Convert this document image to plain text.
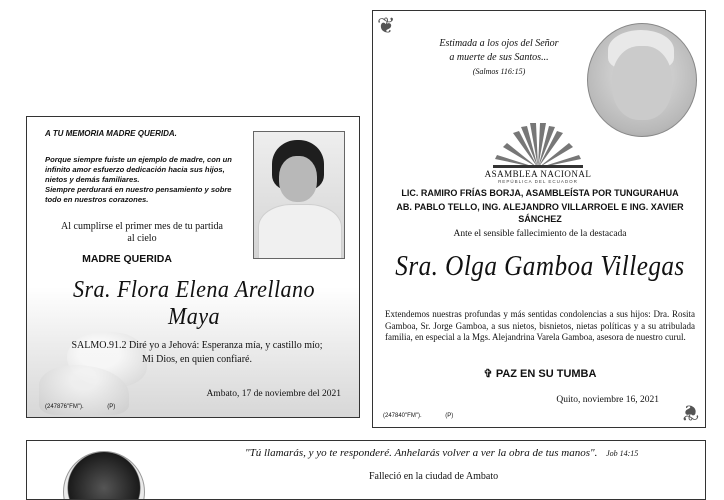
A TU MEMORIA MADRE QUERIDA.
Porque siempre fuiste un ejemplo de madre, con un
infinito amor esfuerzo dedicación hacia sus hijos,
nietos y demás familiares.
Siempre perdurará en nuestro pensamiento y sobre
todo en nuestros corazones.
Al cumplirse el primer mes de tu partida
al cielo
MADRE QUERIDA
Sra. Flora Elena Arellano Maya
SALMO.91.2 Diré yo a Jehová: Esperanza mía, y castillo mío;
Mi Dios, en quien confiaré.
Ambato, 17 de noviembre del 2021
(247876"FM").	(P)
❦
❦
Estimada a los ojos del Señor
a muerte de sus Santos...
(Salmos 116:15)
ASAMBLEA NACIONAL
REPÚBLICA DEL ECUADOR
LIC. RAMIRO FRÍAS BORJA, ASAMBLEÍSTA POR TUNGURAHUA
AB. PABLO TELLO, ING. ALEJANDRO VILLARROEL E ING. XAVIER SÁNCHEZ
Ante el sensible fallecimiento de la destacada
Sra. Olga Gamboa Villegas
Extendemos nuestras profundas y más sentidas condolencias a sus hijos: Dra. Rosita Gamboa, Sr. Jorge Gamboa, a sus nietos, bisnietos, nietas políticas y a su atribulada familia, en especial a la Mgs. Alejandrina Varela Gamboa, asesora de nuestro curul.
✞ PAZ EN SU TUMBA
Quito, noviembre 16, 2021
(247840"FM").	(P)
"Tú llamarás, y yo te responderé. Anhelarás volver a ver la obra de tus manos". Job 14:15
Falleció en la ciudad de Ambato
